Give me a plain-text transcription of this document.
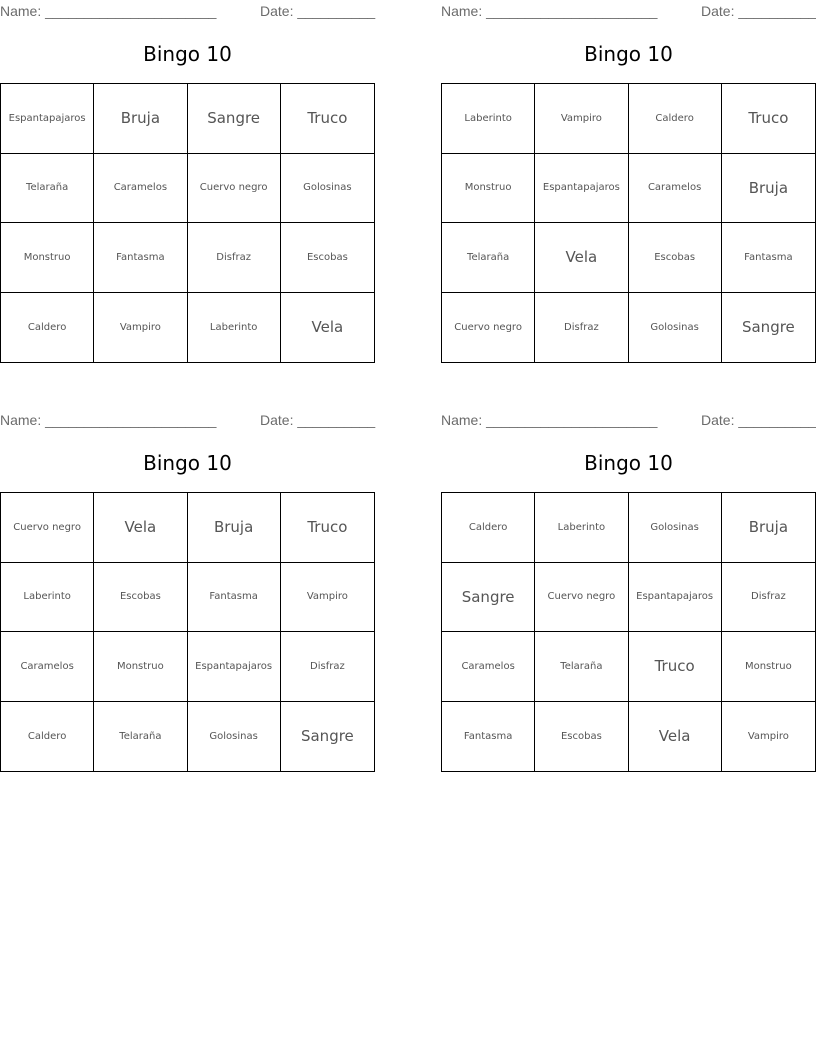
Name: ______________________	Date: __________
Bingo 10
Espantapajaros	Bruja	Sangre	Truco
Telaraña	Caramelos	Cuervo negro	Golosinas
Monstruo	Fantasma	Disfraz	Escobas
Caldero	Vampiro	Laberinto	Vela
Name: ______________________	Date: __________
Bingo 10
Laberinto	Vampiro	Caldero	Truco
Monstruo	Espantapajaros	Caramelos	Bruja
Telaraña	Vela	Escobas	Fantasma
Cuervo negro	Disfraz	Golosinas	Sangre
Name: ______________________	Date: __________
Bingo 10
Cuervo negro	Vela	Bruja	Truco
Laberinto	Escobas	Fantasma	Vampiro
Caramelos	Monstruo	Espantapajaros	Disfraz
Caldero	Telaraña	Golosinas	Sangre
Name: ______________________	Date: __________
Bingo 10
Caldero	Laberinto	Golosinas	Bruja
Sangre	Cuervo negro	Espantapajaros	Disfraz
Caramelos	Telaraña	Truco	Monstruo
Fantasma	Escobas	Vela	Vampiro
